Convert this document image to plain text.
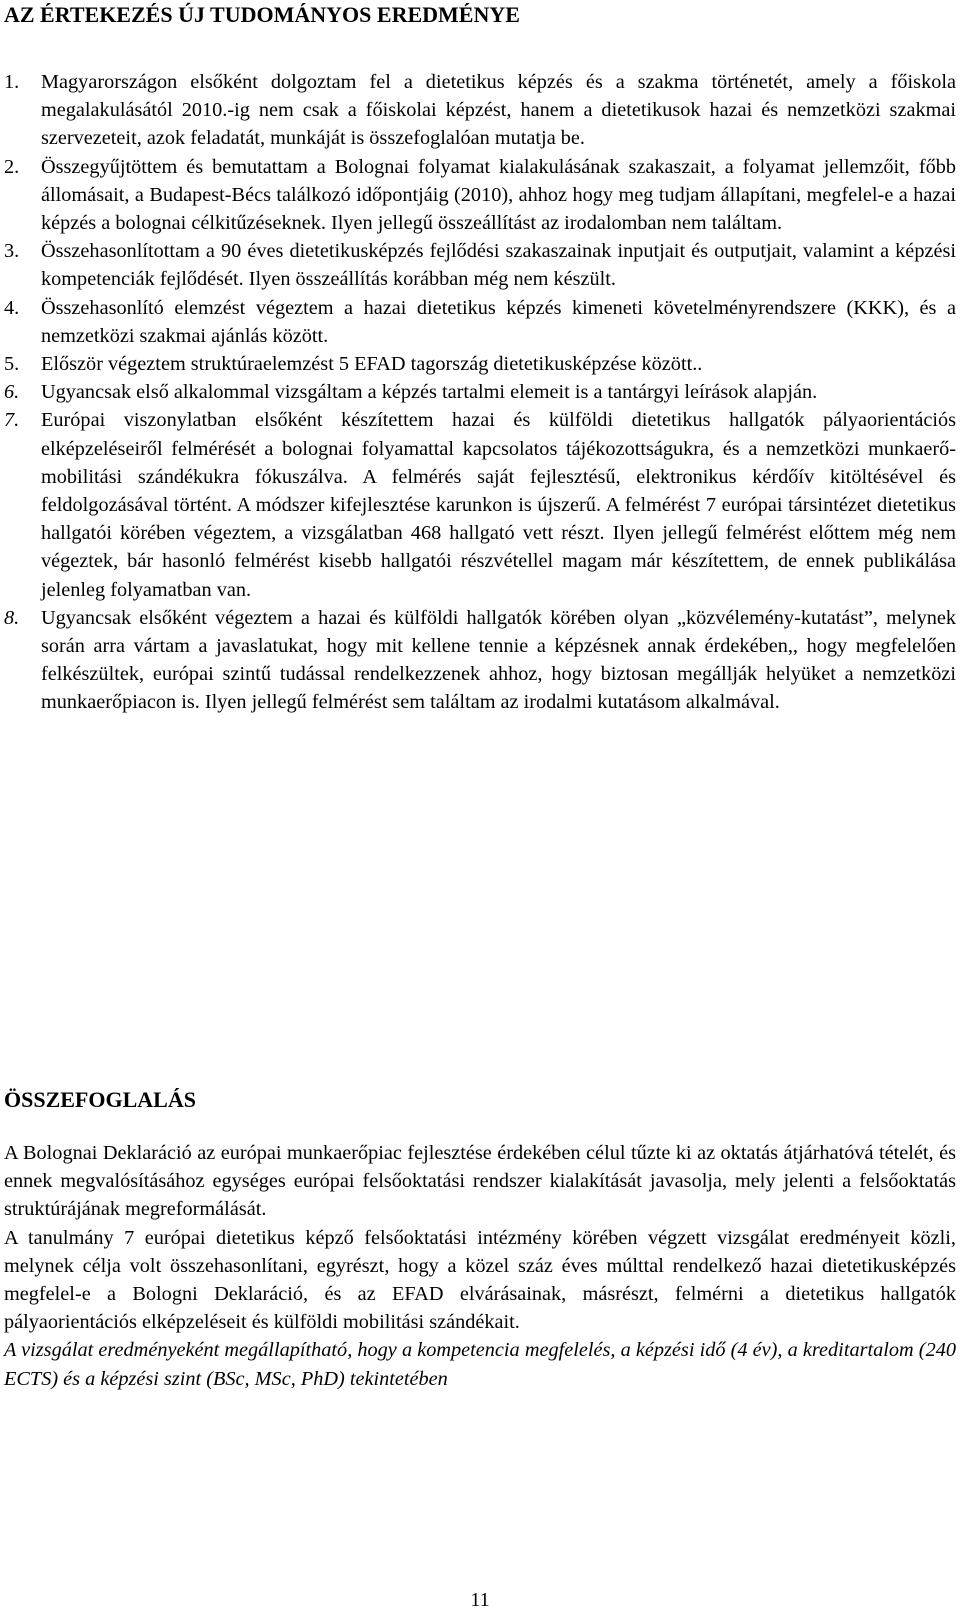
AZ ÉRTEKEZÉS ÚJ TUDOMÁNYOS EREDMÉNYE
1.	Magyarországon elsőként dolgoztam fel a dietetikus képzés és a szakma történetét, amely a főiskola megalakulásától 2010.-ig nem csak a főiskolai képzést, hanem a dietetikusok hazai és nemzetközi szakmai szervezeteit, azok feladatát, munkáját is összefoglalóan mutatja be.
2.	Összegyűjtöttem és bemutattam a Bolognai folyamat kialakulásának szakaszait, a folyamat jellemzőit, főbb állomásait, a Budapest-Bécs találkozó időpontjáig (2010), ahhoz hogy meg tudjam állapítani, megfelel-e a hazai képzés a bolognai célkitűzéseknek. Ilyen jellegű összeállítást az irodalomban nem találtam.
3.	Összehasonlítottam a 90 éves dietetikusképzés fejlődési szakaszainak inputjait és outputjait, valamint a képzési kompetenciák fejlődését. Ilyen összeállítás korábban még nem készült.
4.	Összehasonlító elemzést végeztem a hazai dietetikus képzés kimeneti követelményrendszere (KKK), és a nemzetközi szakmai ajánlás között.
5.	Először végeztem struktúraelemzést 5 EFAD tagország dietetikusképzése között..
6.	Ugyancsak első alkalommal vizsgáltam a képzés tartalmi elemeit is a tantárgyi leírások alapján.
7.	Európai viszonylatban elsőként készítettem hazai és külföldi dietetikus hallgatók pályaorientációs elképzeléseiről felmérését a bolognai folyamattal kapcsolatos tájékozottságukra, és a nemzetközi munkaerő-mobilitási szándékukra fókuszálva. A felmérés saját fejlesztésű, elektronikus kérdőív kitöltésével és feldolgozásával történt. A módszer kifejlesztése karunkon is újszerű. A felmérést 7 európai társintézet dietetikus hallgatói körében végeztem, a vizsgálatban 468 hallgató vett részt. Ilyen jellegű felmérést előttem még nem végeztek, bár hasonló felmérést kisebb hallgatói részvétellel magam már készítettem, de ennek publikálása jelenleg folyamatban van.
8.	Ugyancsak elsőként végeztem a hazai és külföldi hallgatók körében olyan „közvélemény-kutatást”, melynek során arra vártam a javaslatukat, hogy mit kellene tennie a képzésnek annak érdekében,, hogy megfelelően felkészültek, európai szintű tudással rendelkezzenek ahhoz, hogy biztosan megállják helyüket a nemzetközi munkaerőpiacon is. Ilyen jellegű felmérést sem találtam az irodalmi kutatásom alkalmával.
ÖSSZEFOGLALÁS

A Bolognai Deklaráció az európai munkaerőpiac fejlesztése érdekében célul tűzte ki az oktatás átjárhatóvá tételét, és ennek megvalósításához egységes európai felsőoktatási rendszer kialakítását javasolja, mely jelenti a felsőoktatás struktúrájának megreformálását.

A tanulmány 7 európai dietetikus képző felsőoktatási intézmény körében végzett vizsgálat eredményeit közli, melynek célja volt összehasonlítani, egyrészt, hogy a közel száz éves múlttal rendelkező hazai dietetikusképzés megfelel-e a Bologni Deklaráció, és az EFAD elvárásainak, másrészt, felmérni a dietetikus hallgatók pályaorientációs elképzeléseit és külföldi mobilitási szándékait.

A vizsgálat eredményeként megállapítható, hogy a kompetencia megfelelés, a képzési idő (4 év), a kreditartalom (240 ECTS) és a képzési szint (BSc, MSc, PhD) tekintetében

11
